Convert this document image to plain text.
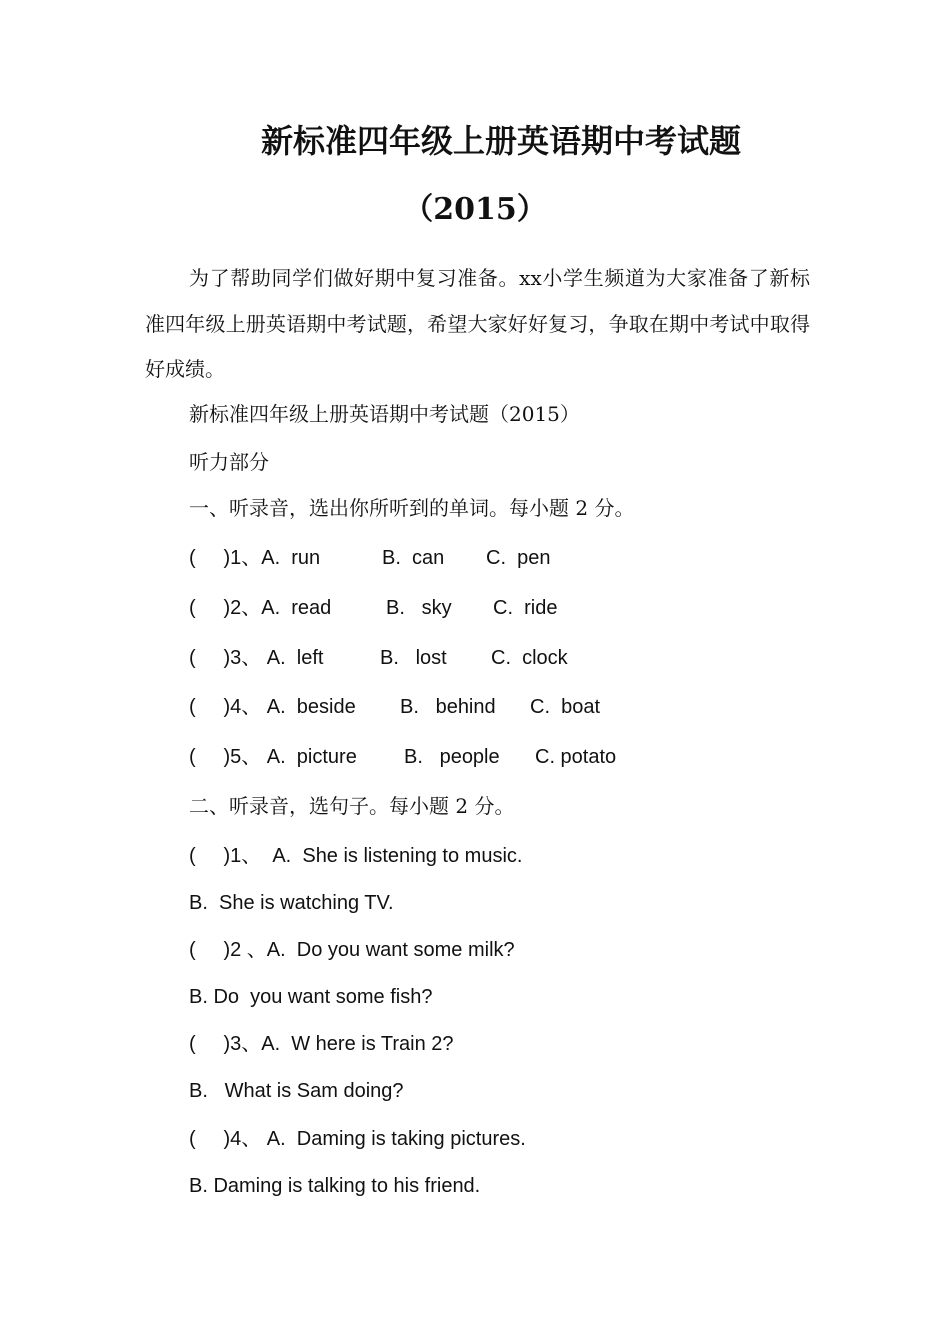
新标准四年级上册英语期中考试题
（2015）

为了帮助同学们做好期中复习准备。xx小学生频道为大家准备了新标准四年级上册英语期中考试题，希望大家好好复习，争取在期中考试中取得好成绩。

新标准四年级上册英语期中考试题（2015）

听力部分

一、听录音，选出你所听到的单词。每小题 2 分。

(     )1、A.  run

	B.  can

C.  pen

(     )2、A.  read

	B.   sky

C.  ride

(     )3、 A.  left

	B.   lost

C.  clock

(     )4、 A.  beside

B.   behind

C.  boat

(     )5、 A.  picture

B.   people

C. potato

二、听录音，选句子。每小题 2 分。

(     )1、  A.  She is listening to music.

B.  She is watching TV.

(     )2 、A.  Do you want some milk?

B. Do  you want some fish?

(     )3、A.  W here is Train 2?

B.   What is Sam doing?

(     )4、 A.  Daming is taking pictures.

B. Daming is talking to his friend.
